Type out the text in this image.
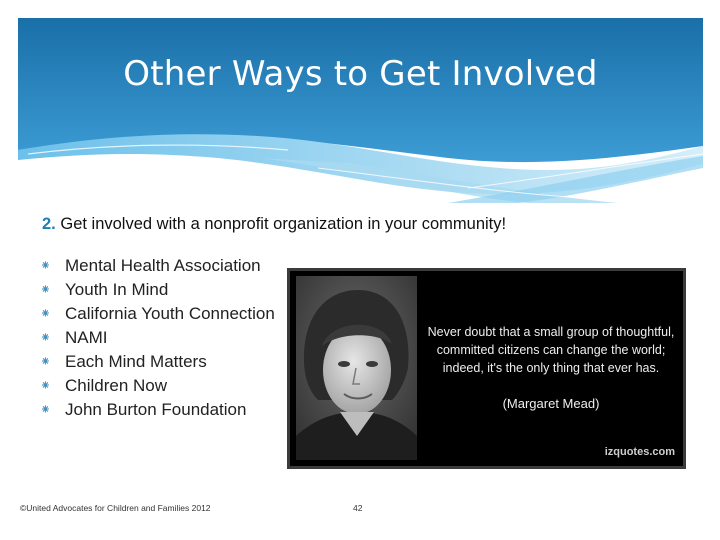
Other Ways to Get Involved
2. Get involved with a nonprofit organization in your community!
⁕ Mental Health Association
⁕ Youth In Mind
⁕ California Youth Connection
⁕ NAMI
⁕ Each Mind Matters
⁕ Children Now
⁕ John Burton Foundation
Never doubt that a small group of thoughtful, committed citizens can change the world; indeed, it's the only thing that ever has.
(Margaret Mead)
izquotes.com
©United Advocates for Children and Families 2012	42
